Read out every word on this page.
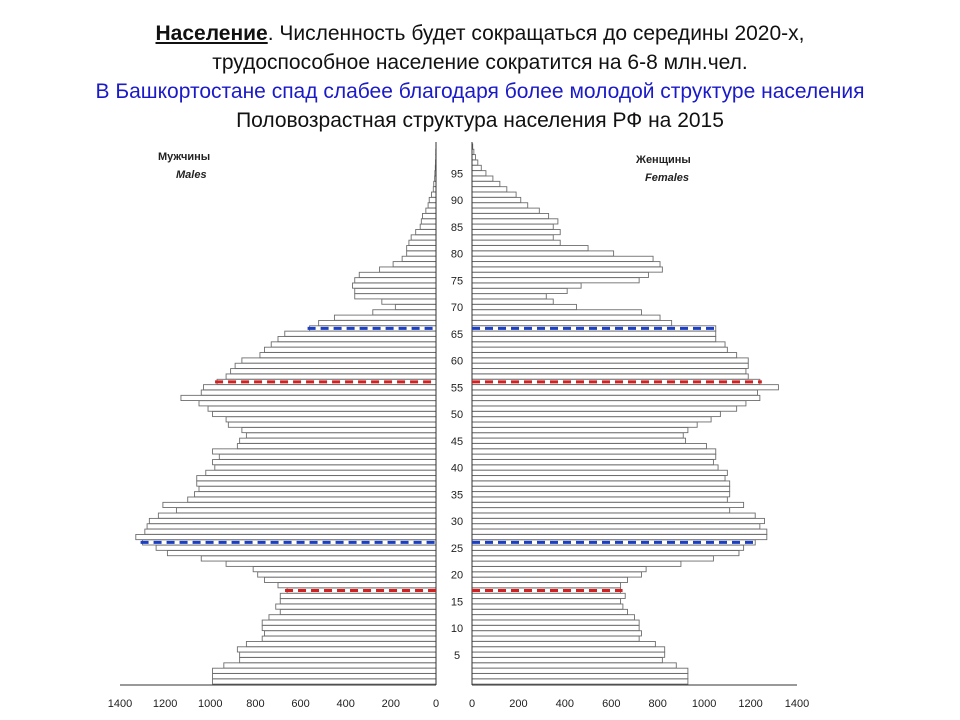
Население. Численность будет сокращаться до середины 2020-х,
трудоспособное население сократится на 6-8 млн.чел.
В Башкортостане спад слабее благодаря более молодой структуре населения
Половозрастная структура населения РФ на 2015
5
10
15
20
25
30
35
40
45
50
55
60
65
70
75
80
85
90
95
0	0
200	200
400	400
600	600
800	800
1000	1000
1200	1200
1400	1400
Мужчины
Males
Женщины
Females
